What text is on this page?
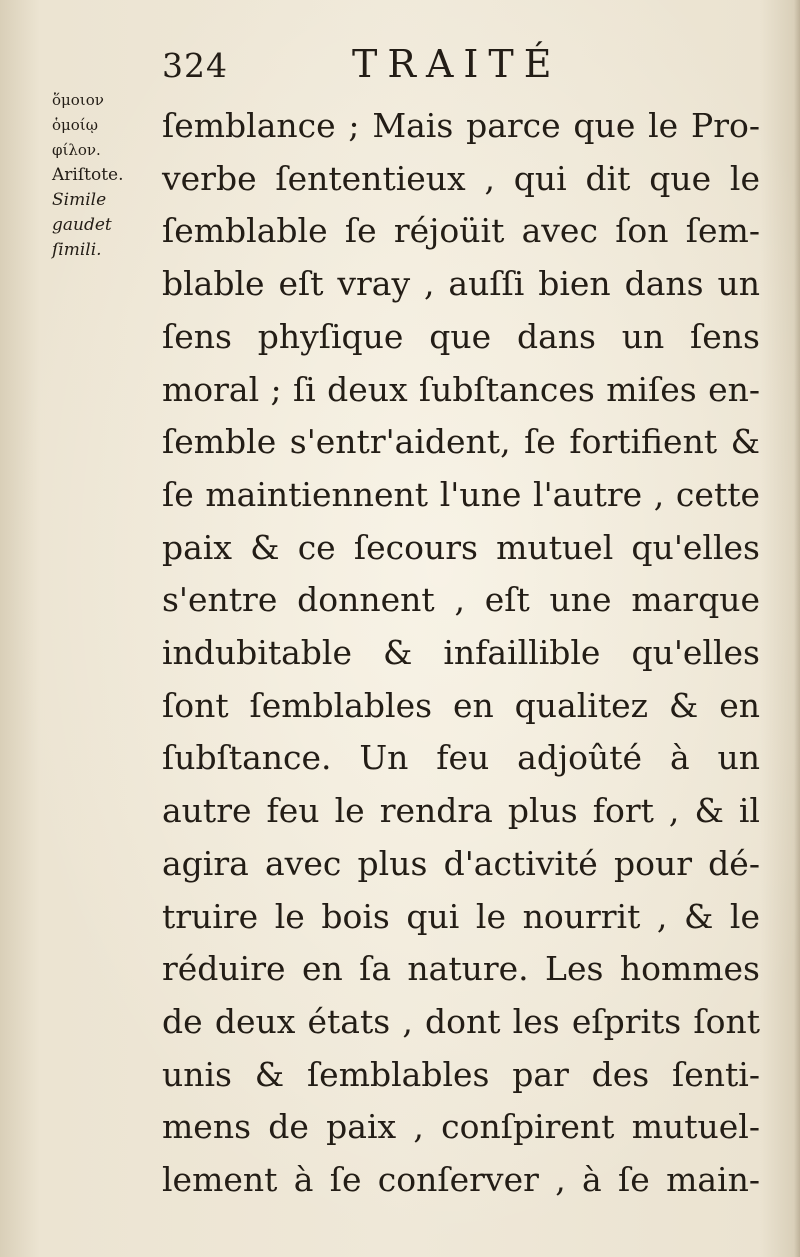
324	TRAITÉ
ὅμοιον
ὁμοίῳ
φίλον.
Ariſtote.
Simile
gaudet
ſimili.
ſemblance ; Mais parce que le Pro-
verbe ſententieux , qui dit que le
ſemblable ſe réjoüit avec ſon ſem-
blable eſt vray , auſſi bien dans un
ſens phyſique que dans un ſens
moral ; ſi deux ſubſtances miſes en-
ſemble s'entr'aident, ſe fortifient &
ſe maintiennent l'une l'autre , cette
paix & ce ſecours mutuel qu'elles
s'entre donnent , eſt une marque
indubitable & infaillible qu'elles
ſont ſemblables en qualitez & en
ſubſtance. Un feu adjoûté à un
autre feu le rendra plus fort , & il
agira avec plus d'activité pour dé-
truire le bois qui le nourrit , & le
réduire en ſa nature. Les hommes
de deux états , dont les eſprits ſont
unis & ſemblables par des ſenti-
mens de paix , conſpirent mutuel-
lement à ſe conſerver , à ſe main-
